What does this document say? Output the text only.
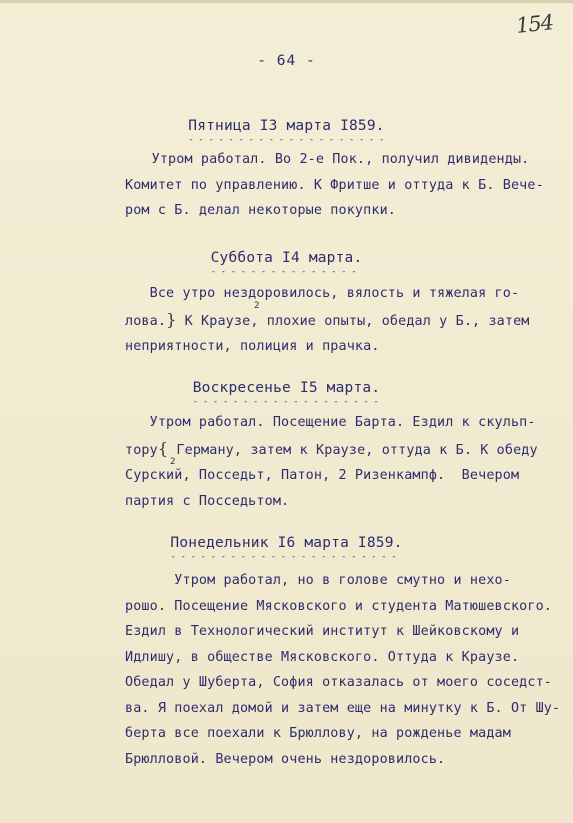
154
- 64 -
Пятница I3 марта I859. - - -
Утром работал. Во 2-е Пок., получил дивиденды.
Комитет по управлению. К Фритше и оттуда к Б. Вече-
ром с Б. делал некоторые покупки.
Суббота I4 марта. - - -
Все утро нездоровилось, вялость и тяжелая го-
лова.} К Краузе, плохие опыты, обедал у Б., затем
неприятности, полиция и прачка.
2
Воскресенье I5 марта. - - -
Утром работал. Посещение Барта. Ездил к скульп-
тору{ Герману, затем к Краузе, оттуда к Б. К обеду
Сурский, Посседьт, Патон, 2 Ризенкампф.  Вечером
партия с Посседьтом.
2
Понедельник I6 марта I859. - - -
Утром работал, но в голове смутно и нехо-
рошо. Посещение Мясковского и студента Матюшевского.
Ездил в Технологический институт к Шейковскому и
Идлишу, в обществе Мясковского. Оттуда к Краузе.
Обедал у Шуберта, София отказалась от моего соседст-
ва. Я поехал домой и затем еще на минутку к Б. От Шу-
берта все поехали к Брюллову, на рожденье мадам
Брюлловой. Вечером очень нездоровилось.
